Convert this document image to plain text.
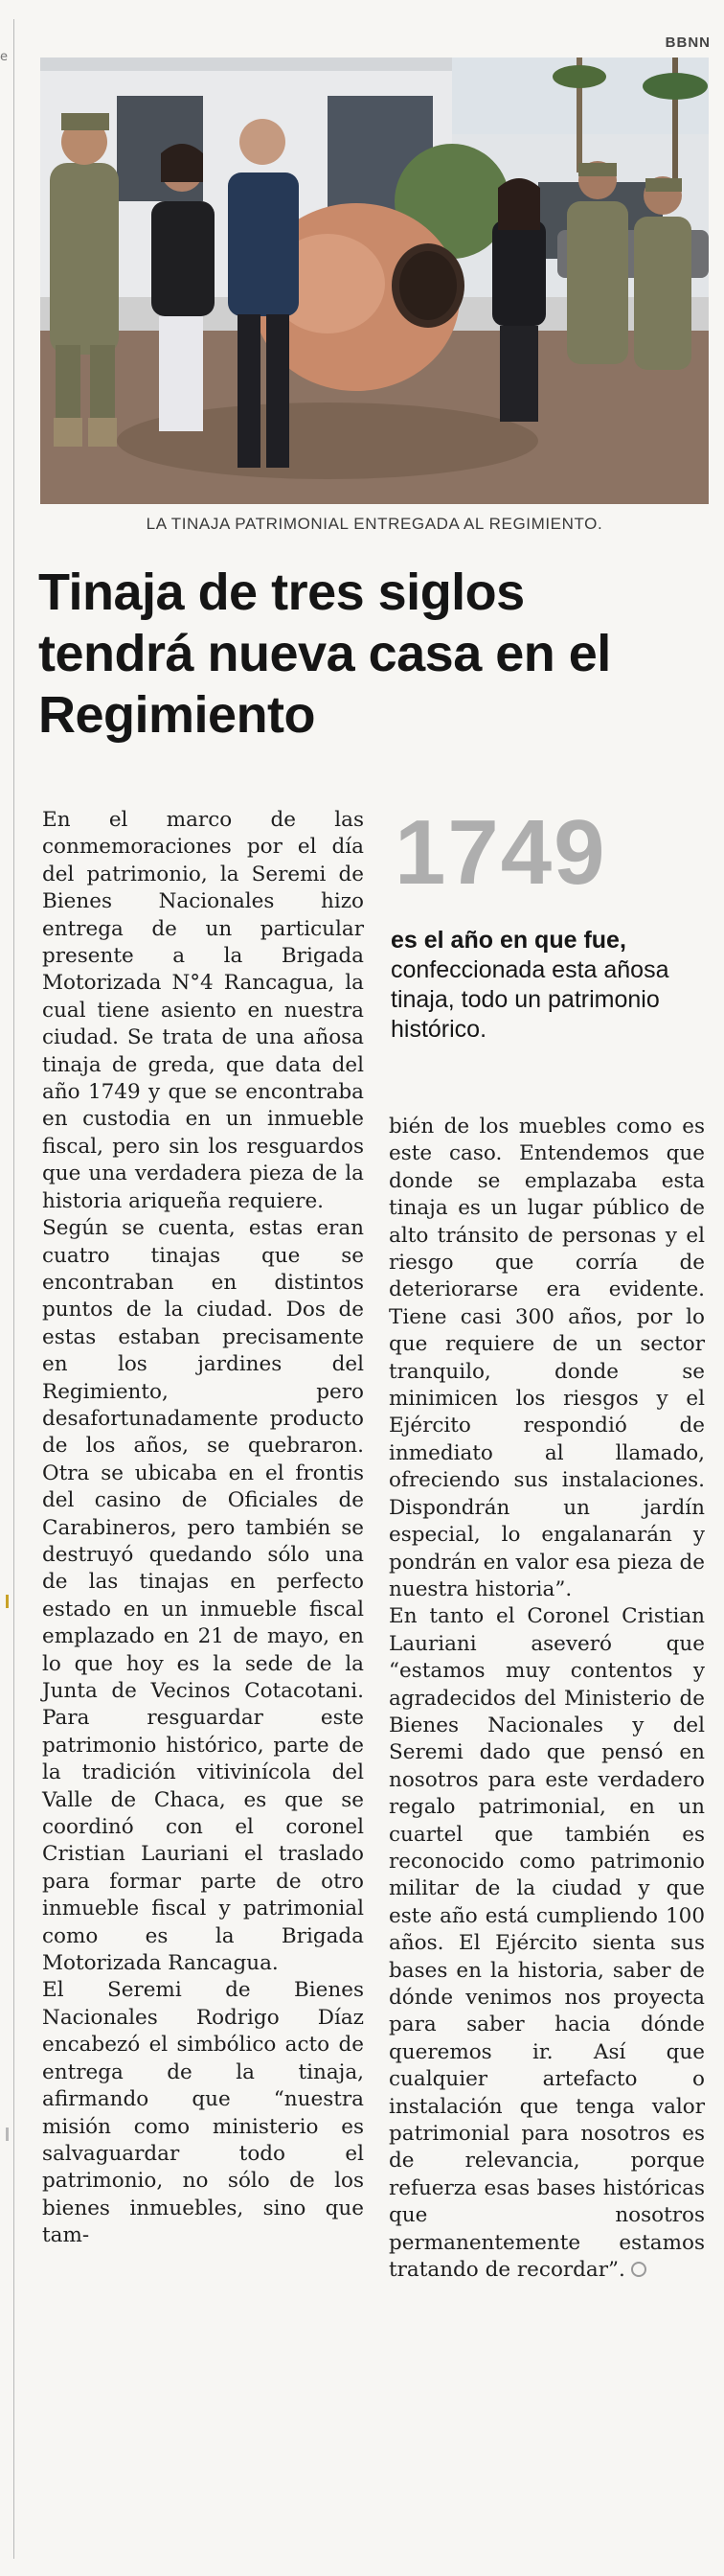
e
BBNN
LA TINAJA PATRIMONIAL ENTREGADA AL REGIMIENTO.
Tinaja de tres siglos tendrá nueva casa en el Regimiento

En el marco de las conmemoraciones por el día del patrimonio, la Seremi de Bienes Nacionales hizo entrega de un particular presente a la Brigada Motorizada N°4 Rancagua, la cual tiene asiento en nuestra ciudad. Se trata de una añosa tinaja de greda, que data del año 1749 y que se encontraba en custodia en un inmueble fiscal, pero sin los resguardos que una verdadera pieza de la historia ariqueña requiere.

Según se cuenta, estas eran cuatro tinajas que se encontraban en distintos puntos de la ciudad. Dos de estas estaban precisamente en los jardines del Regimiento, pero desafortunadamente producto de los años, se quebraron. Otra se ubicaba en el frontis del casino de Oficiales de Carabineros, pero también se destruyó quedando sólo una de las tinajas en perfecto estado en un inmueble fiscal emplazado en 21 de mayo, en lo que hoy es la sede de la Junta de Vecinos Cotacotani. Para resguardar este patrimonio histórico, parte de la tradición vitivinícola del Valle de Chaca, es que se coordinó con el coronel Cristian Lauriani el traslado para formar parte de otro inmueble fiscal y patrimonial como es la Brigada Motorizada Rancagua.

El Seremi de Bienes Nacionales Rodrigo Díaz encabezó el simbólico acto de entrega de la tinaja, afirmando que “nuestra misión como ministerio es salvaguardar todo el patrimonio, no sólo de los bienes inmuebles, sino que tam-

1749
es el año en que fue, confeccionada esta añosa tinaja, todo un patrimonio histórico.

bién de los muebles como es este caso. Entendemos que donde se emplazaba esta tinaja es un lugar público de alto tránsito de personas y el riesgo que corría de deteriorarse era evidente. Tiene casi 300 años, por lo que requiere de un sector tranquilo, donde se minimicen los riesgos y el Ejército respondió de inmediato al llamado, ofreciendo sus instalaciones. Dispondrán un jardín especial, lo engalanarán y pondrán en valor esa pieza de nuestra historia”.

En tanto el Coronel Cristian Lauriani aseveró que “estamos muy contentos y agradecidos del Ministerio de Bienes Nacionales y del Seremi dado que pensó en nosotros para este verdadero regalo patrimonial, en un cuartel que también es reconocido como patrimonio militar de la ciudad y que este año está cumpliendo 100 años. El Ejército sienta sus bases en la historia, saber de dónde venimos nos proyecta para saber hacia dónde queremos ir. Así que cualquier artefacto o instalación que tenga valor patrimonial para nosotros es de relevancia, porque refuerza esas bases históricas que nosotros permanentemente estamos tratando de recordar”.
